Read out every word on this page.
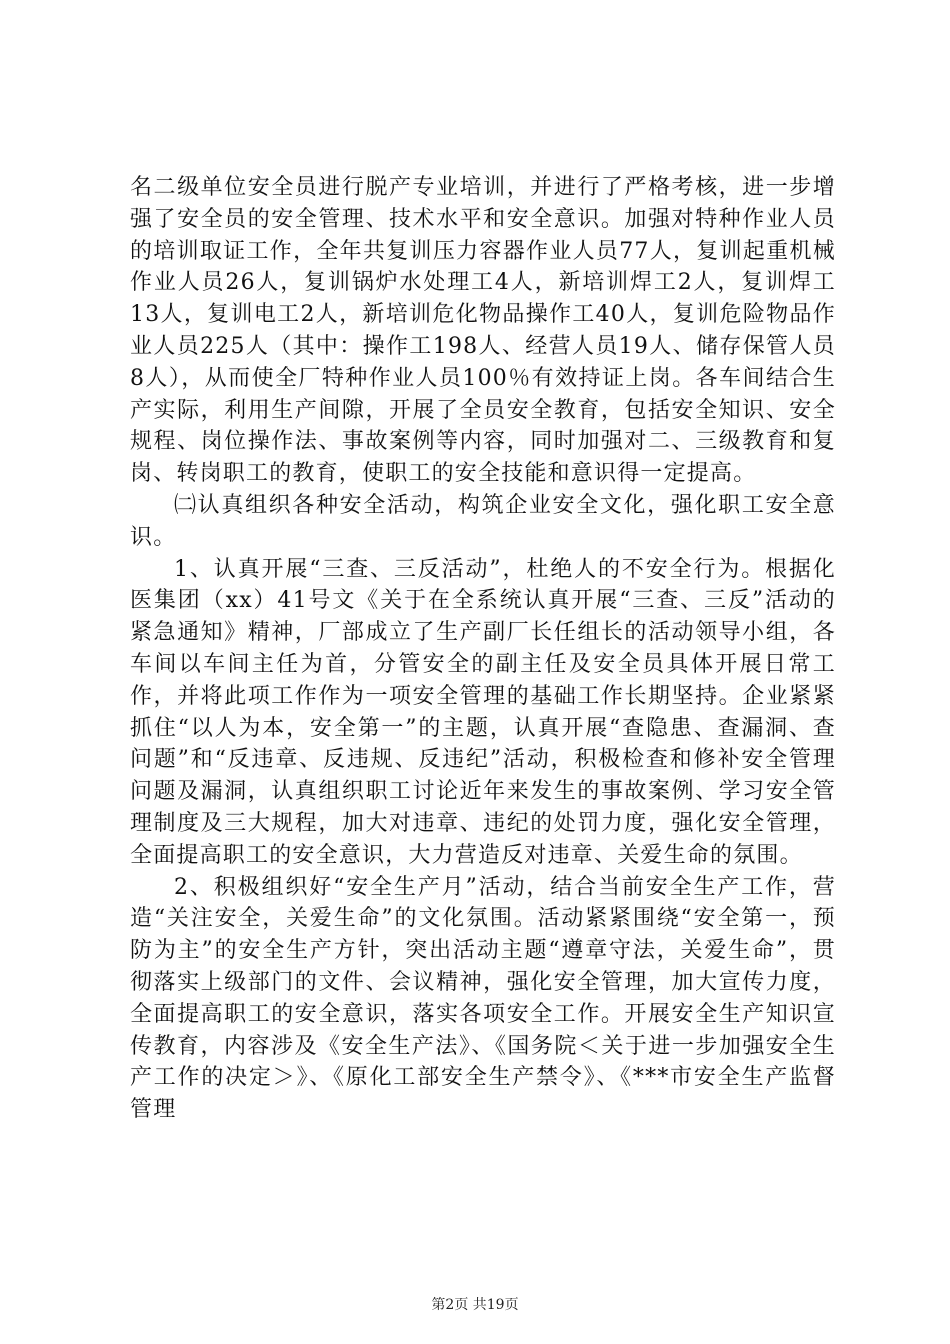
名二级单位安全员进行脱产专业培训，并进行了严格考核，进一步增强了安全员的安全管理、技术水平和安全意识。加强对特种作业人员的培训取证工作，全年共复训压力容器作业人员77人，复训起重机械作业人员26人，复训锅炉水处理工4人，新培训焊工2人，复训焊工13人，复训电工2人，新培训危化物品操作工40人，复训危险物品作业人员225人（其中：操作工198人、经营人员19人、储存保管人员8人），从而使全厂特种作业人员100％有效持证上岗。各车间结合生产实际，利用生产间隙，开展了全员安全教育，包括安全知识、安全规程、岗位操作法、事故案例等内容，同时加强对二、三级教育和复岗、转岗职工的教育，使职工的安全技能和意识得一定提高。

㈡认真组织各种安全活动，构筑企业安全文化，强化职工安全意识。

1、认真开展“三查、三反活动”，杜绝人的不安全行为。根据化医集团（xx）41号文《关于在全系统认真开展“三查、三反”活动的紧急通知》精神，厂部成立了生产副厂长任组长的活动领导小组，各车间以车间主任为首，分管安全的副主任及安全员具体开展日常工作，并将此项工作作为一项安全管理的基础工作长期坚持。企业紧紧抓住“以人为本，安全第一”的主题，认真开展“查隐患、查漏洞、查问题”和“反违章、反违规、反违纪”活动，积极检查和修补安全管理问题及漏洞，认真组织职工讨论近年来发生的事故案例、学习安全管理制度及三大规程，加大对违章、违纪的处罚力度，强化安全管理，全面提高职工的安全意识，大力营造反对违章、关爱生命的氛围。

2、积极组织好“安全生产月”活动，结合当前安全生产工作，营造“关注安全，关爱生命”的文化氛围。活动紧紧围绕“安全第一，预防为主”的安全生产方针，突出活动主题“遵章守法，关爱生命”，贯彻落实上级部门的文件、会议精神，强化安全管理，加大宣传力度，全面提高职工的安全意识，落实各项安全工作。开展安全生产知识宣传教育，内容涉及《安全生产法》、《国务院＜关于进一步加强安全生产工作的决定＞》、《原化工部安全生产禁令》、《***市安全生产监督管理

第2页 共19页
